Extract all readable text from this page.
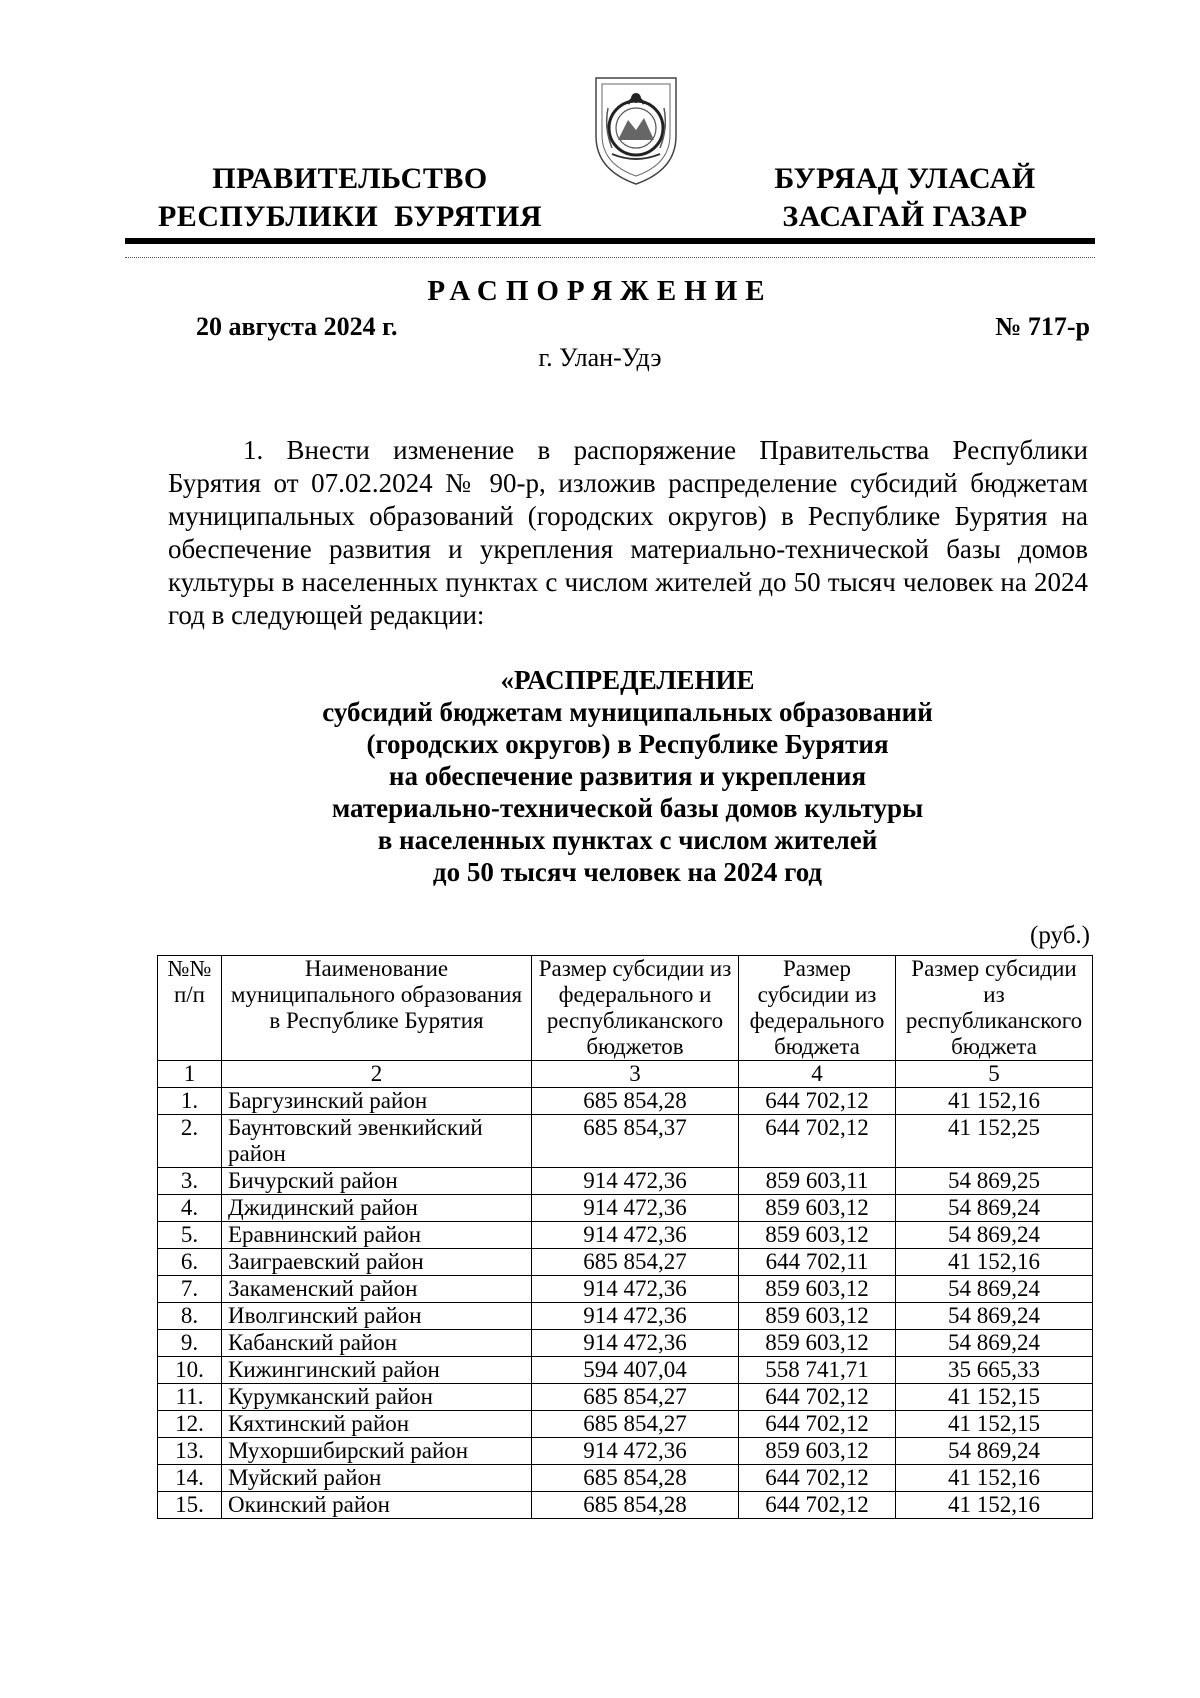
ПРАВИТЕЛЬСТВО
РЕСПУБЛИКИ  БУРЯТИЯ
БУРЯАД УЛАСАЙ
ЗАСАГАЙ ГАЗАР
РАСПОРЯЖЕНИЕ
20 августа 2024 г.	№ 717-р
г. Улан-Удэ

1. Внести изменение в распоряжение Правительства Республики Бурятия от 07.02.2024 № 90-р, изложив распределение субсидий бюджетам муниципальных образований (городских округов) в Республике Бурятия на обеспечение развития и укрепления материально-технической базы домов культуры в населенных пунктах с числом жителей до 50 тысяч человек на 2024 год в следующей редакции:

«РАСПРЕДЕЛЕНИЕ
субсидий бюджетам муниципальных образований
(городских округов) в Республике Бурятия
на обеспечение развития и укрепления
материально-технической базы домов культуры
в населенных пунктах с числом жителей
до 50 тысяч человек на 2024 год
(руб.)
№№ п/п	Наименование муниципального образования в Республике Бурятия	Размер субсидии из федерального и республиканского бюджетов	Размер субсидии из федерального бюджета	Размер субсидии из республиканского бюджета
1	2	3	4	5
1.	Баргузинский район	685 854,28	644 702,12	41 152,16
2.	Баунтовский эвенкийский район	685 854,37	644 702,12	41 152,25
3.	Бичурский район	914 472,36	859 603,11	54 869,25
4.	Джидинский район	914 472,36	859 603,12	54 869,24
5.	Еравнинский район	914 472,36	859 603,12	54 869,24
6.	Заиграевский район	685 854,27	644 702,11	41 152,16
7.	Закаменский район	914 472,36	859 603,12	54 869,24
8.	Иволгинский район	914 472,36	859 603,12	54 869,24
9.	Кабанский район	914 472,36	859 603,12	54 869,24
10.	Кижингинский район	594 407,04	558 741,71	35 665,33
11.	Курумканский район	685 854,27	644 702,12	41 152,15
12.	Кяхтинский район	685 854,27	644 702,12	41 152,15
13.	Мухоршибирский район	914 472,36	859 603,12	54 869,24
14.	Муйский район	685 854,28	644 702,12	41 152,16
15.	Окинский район	685 854,28	644 702,12	41 152,16
